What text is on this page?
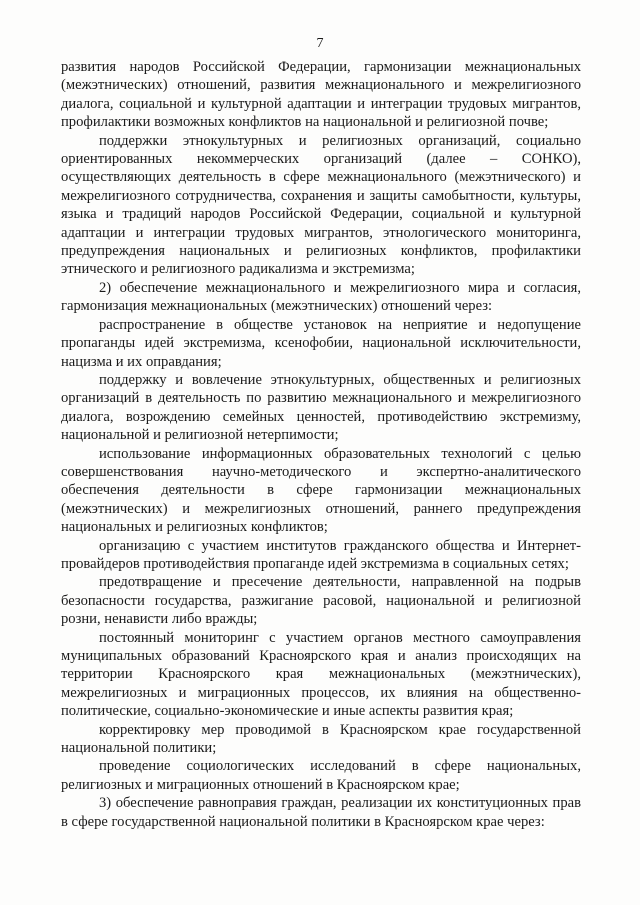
7

развития народов Российской Федерации, гармонизации межнациональных (межэтнических) отношений, развития межнационального и межрелигиозного диалога, социальной и культурной адаптации и интеграции трудовых мигрантов, профилактики возможных конфликтов на национальной и религиозной почве;

поддержки этнокультурных и религиозных организаций, социально ориентированных некоммерческих организаций (далее – СОНКО), осуществляющих деятельность в сфере межнационального (межэтнического) и межрелигиозного сотрудничества, сохранения и защиты самобытности, культуры, языка и традиций народов Российской Федерации, социальной и культурной адаптации и интеграции трудовых мигрантов, этнологического мониторинга, предупреждения национальных и религиозных конфликтов, профилактики этнического и религиозного радикализма и экстремизма;

2) обеспечение межнационального и межрелигиозного мира и согласия, гармонизация межнациональных (межэтнических) отношений через:

распространение в обществе установок на неприятие и недопущение пропаганды идей экстремизма, ксенофобии, национальной исключительности, нацизма и их оправдания;

поддержку и вовлечение этнокультурных, общественных и религиозных организаций в деятельность по развитию межнационального и межрелигиозного диалога, возрождению семейных ценностей, противодействию экстремизму, национальной и религиозной нетерпимости;

использование информационных образовательных технологий с целью совершенствования научно-методического и экспертно-аналитического обеспечения деятельности в сфере гармонизации межнациональных (межэтнических) и межрелигиозных отношений, раннего предупреждения национальных и религиозных конфликтов;

организацию с участием институтов гражданского общества и Интернет-провайдеров противодействия пропаганде идей экстремизма в социальных сетях;

предотвращение и пресечение деятельности, направленной на подрыв безопасности государства, разжигание расовой, национальной и религиозной розни, ненависти либо вражды;

постоянный мониторинг с участием органов местного самоуправления муниципальных образований Красноярского края и анализ происходящих на территории Красноярского края межнациональных (межэтнических), межрелигиозных и миграционных процессов, их влияния на общественно-политические, социально-экономические и иные аспекты развития края;

корректировку мер проводимой в Красноярском крае государственной национальной политики;

проведение социологических исследований в сфере национальных, религиозных и миграционных отношений в Красноярском крае;

3) обеспечение равноправия граждан, реализации их конституционных прав в сфере государственной национальной политики в Красноярском крае через:
